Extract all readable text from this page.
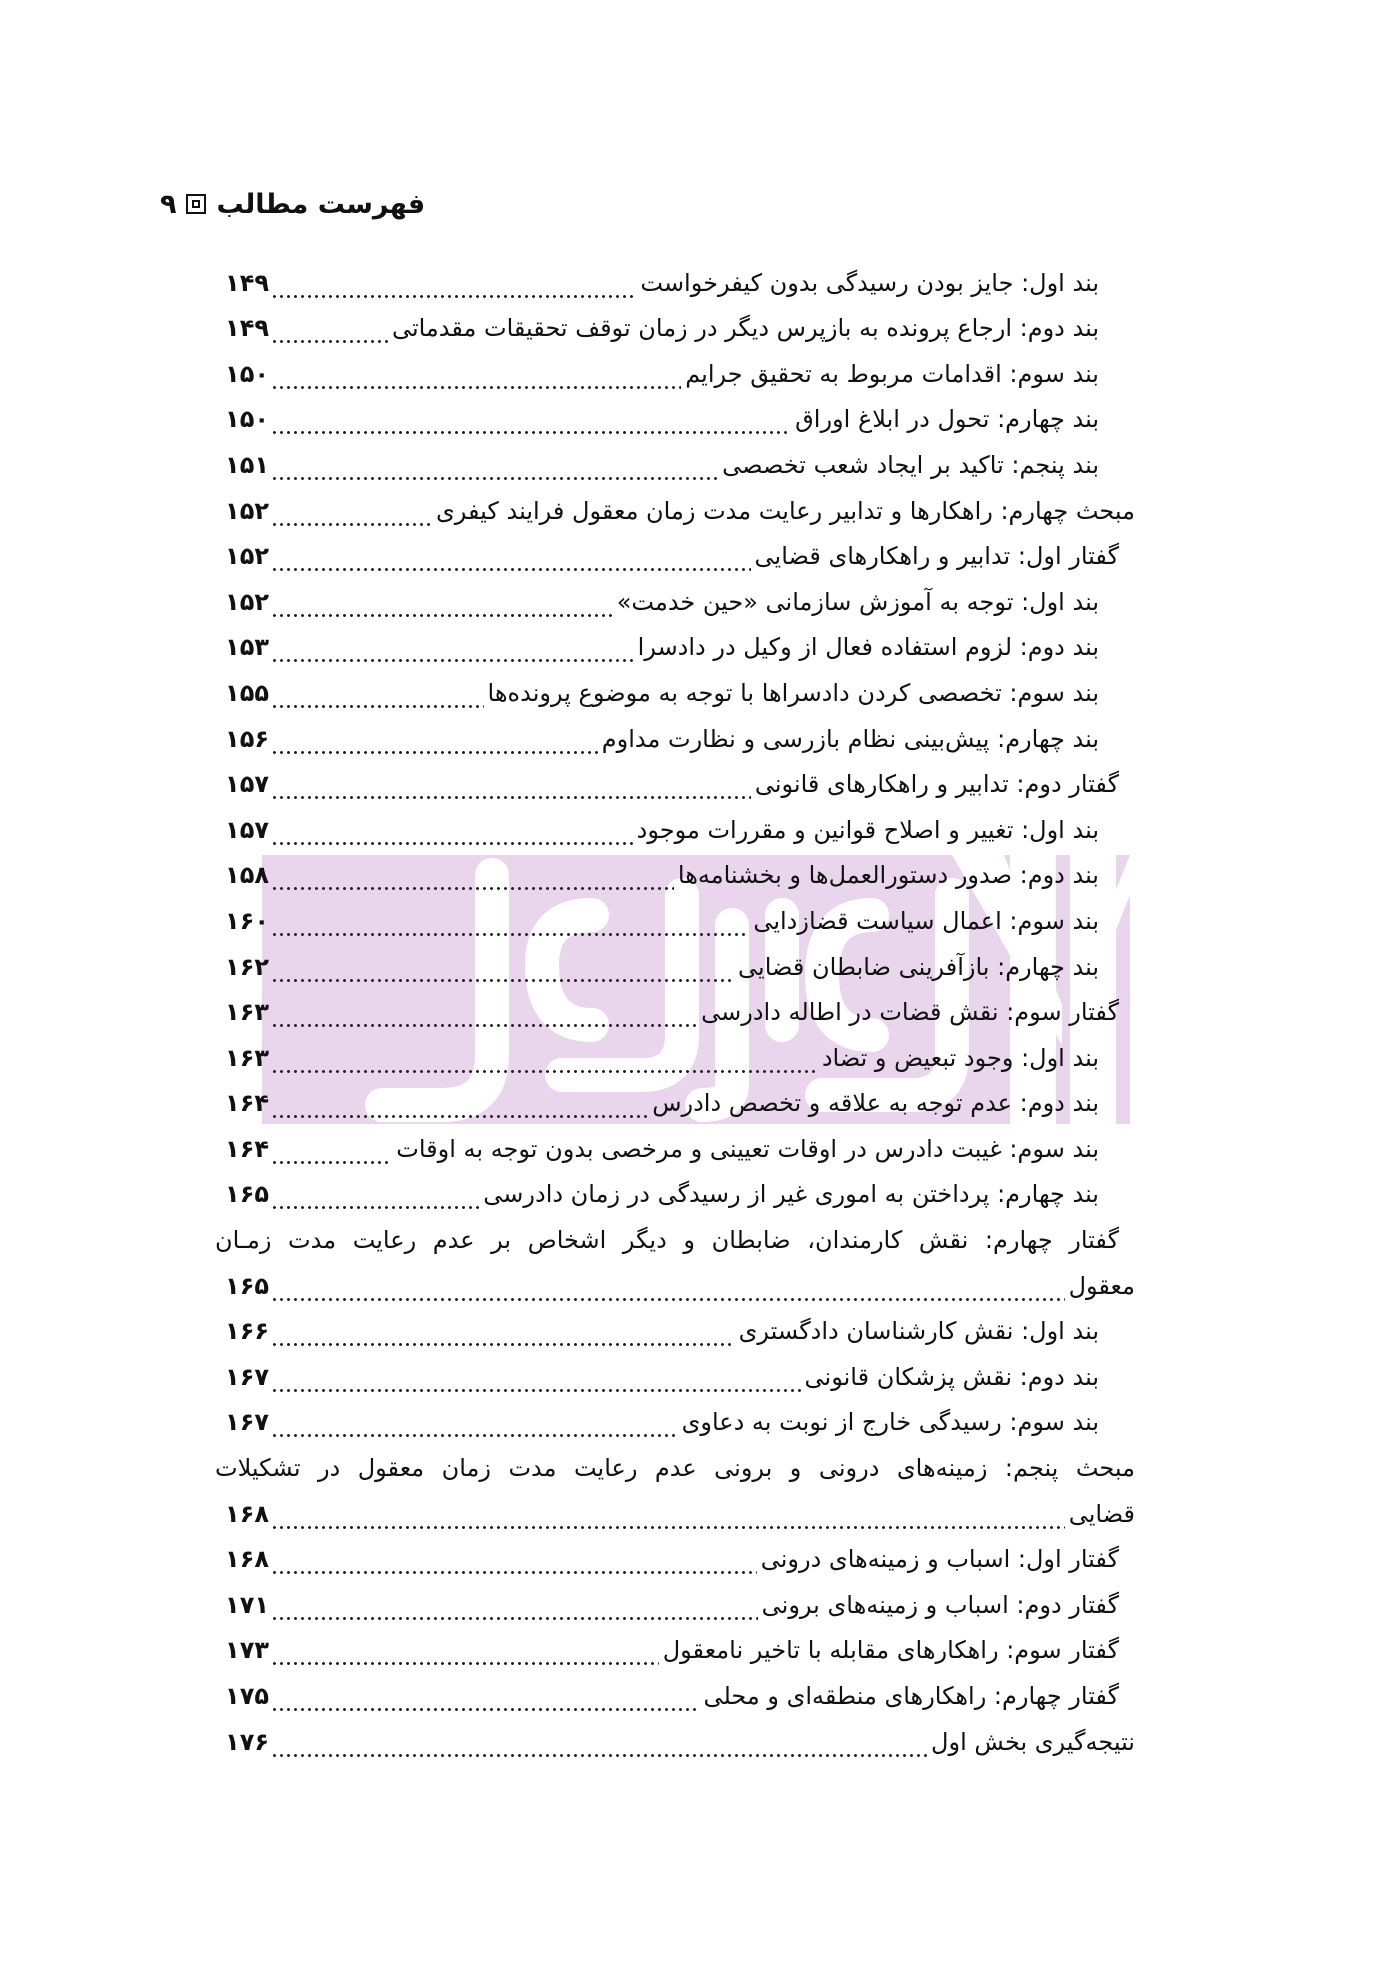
۹ فهرست مطالب
۱۴۹	بند اول: جایز بودن رسیدگی بدون کیفرخواست
۱۴۹	بند دوم: ارجاع پرونده به بازپرس دیگر در زمان توقف تحقیقات مقدماتی
۱۵۰	بند سوم: اقدامات مربوط به تحقیق جرایم
۱۵۰	بند چهارم: تحول در ابلاغ اوراق
۱۵۱	بند پنجم: تاکید بر ایجاد شعب تخصصی
۱۵۲	مبحث چهارم: راهکارها و تدابیر رعایت مدت زمان معقول فرایند کیفری
۱۵۲	گفتار اول: تدابیر و راهکارهای قضایی
۱۵۲	بند اول: توجه به آموزش سازمانی «حین خدمت»
۱۵۳	بند دوم: لزوم استفاده فعال از وکیل در دادسرا
۱۵۵	بند سوم: تخصصی کردن دادسراها با توجه به موضوع پرونده‌ها
۱۵۶	بند چهارم: پیش‌بینی نظام بازرسی و نظارت مداوم
۱۵۷	گفتار دوم: تدابیر و راهکارهای قانونی
۱۵۷	بند اول: تغییر و اصلاح قوانین و مقررات موجود
۱۵۸	بند دوم: صدور دستورالعمل‌ها و بخشنامه‌ها
۱۶۰	بند سوم: اعمال سیاست قضازدایی
۱۶۲	بند چهارم: بازآفرینی ضابطان قضایی
۱۶۳	گفتار سوم: نقش قضات در اطاله دادرسی
۱۶۳	بند اول: وجود تبعیض و تضاد
۱۶۴	بند دوم: عدم توجه به علاقه و تخصص دادرس
۱۶۴	بند سوم: غیبت دادرس در اوقات تعیینی و مرخصی بدون توجه به اوقات
۱۶۵	بند چهارم: پرداختن به اموری غیر از رسیدگی در زمان دادرسی
گفتار چهارم: نقش کارمندان، ضابطان و دیگر اشخاص بر عدم رعایت مدت زمـان
۱۶۵	معقول
۱۶۶	بند اول: نقش کارشناسان دادگستری
۱۶۷	بند دوم: نقش پزشکان قانونی
۱۶۷	بند سوم: رسیدگی خارج از نوبت به دعاوی
مبحث پنجم: زمینه‌های درونی و برونی عدم رعایت مدت زمان معقول در تشکیلات
۱۶۸	قضایی
۱۶۸	گفتار اول: اسباب و زمینه‌های درونی
۱۷۱	گفتار دوم: اسباب و زمینه‌های برونی
۱۷۳	گفتار سوم: راهکارهای مقابله با تاخیر نامعقول
۱۷۵	گفتار چهارم: راهکارهای منطقه‌ای و محلی
۱۷۶	نتیجه‌گیری بخش اول
